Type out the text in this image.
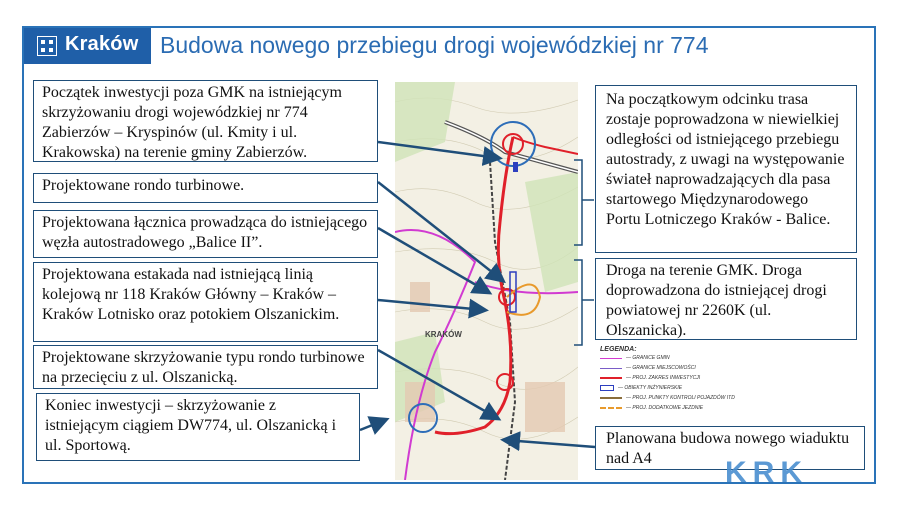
Kraków Budowa nowego przebiegu drogi wojewódzkiej nr 774
KRAKÓW
Początek inwestycji poza GMK na istniejącym skrzyżowaniu drogi wojewódzkiej nr 774 Zabierzów – Kryspinów (ul. Kmity i ul. Krakowska) na terenie gminy Zabierzów.
Projektowane rondo turbinowe.
Projektowana łącznica prowadząca do istniejącego węzła autostradowego „Balice II”.
Projektowana estakada nad istniejącą linią kolejową nr 118 Kraków Główny – Kraków – Kraków Lotnisko oraz potokiem Olszanickim.
Projektowane skrzyżowanie typu rondo turbinowe na przecięciu z ul. Olszanicką.
Koniec inwestycji – skrzyżowanie z istniejącym ciągiem DW774, ul. Olszanicką i ul. Sportową.
Na początkowym odcinku trasa zostaje poprowadzona w niewielkiej odległości od istniejącego przebiegu autostrady, z uwagi na występowanie świateł naprowadzających dla pasa startowego Międzynarodowego Portu Lotniczego Kraków - Balice.
Droga na terenie GMK. Droga doprowadzona do istniejącej drogi powiatowej nr 2260K (ul. Olszanicka).
Planowana budowa nowego wiaduktu nad A4
LEGENDA:
— GRANICE GMIN
— GRANICE MIEJSCOWOŚCI
— PROJ. ZAKRES INWESTYCJI
— OBIEKTY INŻYNIERSKIE
— PROJ. PUNKTY KONTROLI POJAZDÓW ITD
— PROJ. DODATKOWE JEZDNIE
KRK
